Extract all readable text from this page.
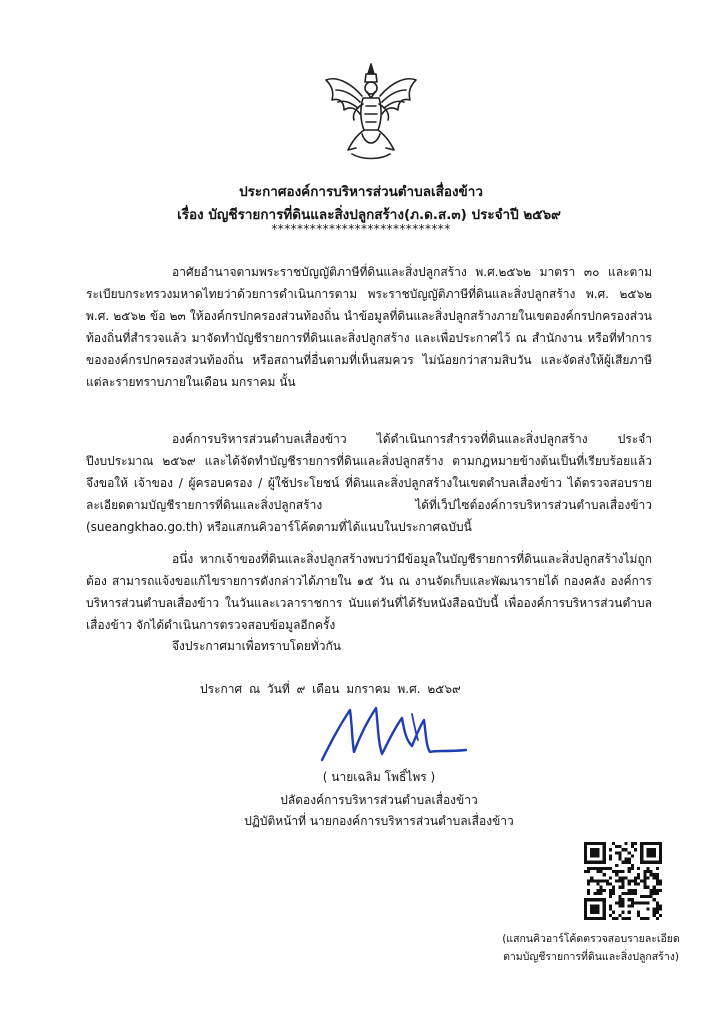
ประกาศองค์การบริหารส่วนตำบลเสื่องข้าว
เรื่อง บัญชีรายการที่ดินและสิ่งปลูกสร้าง(ภ.ด.ส.๓) ประจำปี ๒๕๖๙
****************************
อาศัยอำนาจตามพระราชบัญญัติภาษีที่ดินและสิ่งปลูกสร้าง พ.ศ.๒๕๖๒ มาตรา ๓๐ และตามระเบียบกระทรวงมหาดไทยว่าด้วยการดำเนินการตาม พระราชบัญญัติภาษีที่ดินและสิ่งปลูกสร้าง พ.ศ. ๒๕๖๒ พ.ศ. ๒๕๖๒ ข้อ ๒๓ ให้องค์กรปกครองส่วนท้องถิ่น นำข้อมูลที่ดินและสิ่งปลูกสร้างภายในเขตองค์กรปกครองส่วนท้องถิ่นที่สำรวจแล้ว มาจัดทำบัญชีรายการที่ดินและสิ่งปลูกสร้าง และเพื่อประกาศไว้ ณ สำนักงาน หรือที่ทำการขององค์กรปกครองส่วนท้องถิ่น หรือสถานที่อื่นตามที่เห็นสมควร ไม่น้อยกว่าสามสิบวัน และจัดส่งให้ผู้เสียภาษีแต่ละรายทราบภายในเดือน มกราคม นั้น
องค์การบริหารส่วนตำบลเสื่องข้าว ได้ดำเนินการสำรวจที่ดินและสิ่งปลูกสร้าง ประจำปีงบประมาณ ๒๕๖๙ และได้จัดทำบัญชีรายการที่ดินและสิ่งปลูกสร้าง ตามกฎหมายข้างต้นเป็นที่เรียบร้อยแล้ว จึงขอให้ เจ้าของ / ผู้ครอบครอง / ผู้ใช้ประโยชน์ ที่ดินและสิ่งปลูกสร้างในเขตตำบลเสื่องข้าว ได้ตรวจสอบรายละเอียดตามบัญชีรายการที่ดินและสิ่งปลูกสร้าง ได้ที่เว็ปไซต์องค์การบริหารส่วนตำบลเสื่องข้าว (sueangkhao.go.th) หรือแสกนคิวอาร์โค้ดตามที่ได้แนบในประกาศฉบับนี้
อนึ่ง หากเจ้าของที่ดินและสิ่งปลูกสร้างพบว่ามีข้อมูลในบัญชีรายการที่ดินและสิ่งปลูกสร้างไม่ถูกต้อง สามารถแจ้งขอแก้ไขรายการดังกล่าวได้ภายใน ๑๕ วัน ณ งานจัดเก็บและพัฒนารายได้ กองคลัง องค์การบริหารส่วนตำบลเสื่องข้าว ในวันและเวลาราชการ นับแต่วันที่ได้รับหนังสือฉบับนี้ เพื่อองค์การบริหารส่วนตำบลเสื่องข้าว จักได้ดำเนินการตรวจสอบข้อมูลอีกครั้ง
จึงประกาศมาเพื่อทราบโดยทั่วกัน
ประกาศ ณ วันที่ ๙ เดือน มกราคม พ.ศ. ๒๕๖๙
( นายเฉลิม โพธิ์ไพร )
ปลัดองค์การบริหารส่วนตำบลเสื่องข้าว
ปฏิบัติหน้าที่ นายกองค์การบริหารส่วนตำบลเสื่องข้าว
(แสกนคิวอาร์โค้ดตรวจสอบรายละเอียด
ตามบัญชีรายการที่ดินและสิ่งปลูกสร้าง)
